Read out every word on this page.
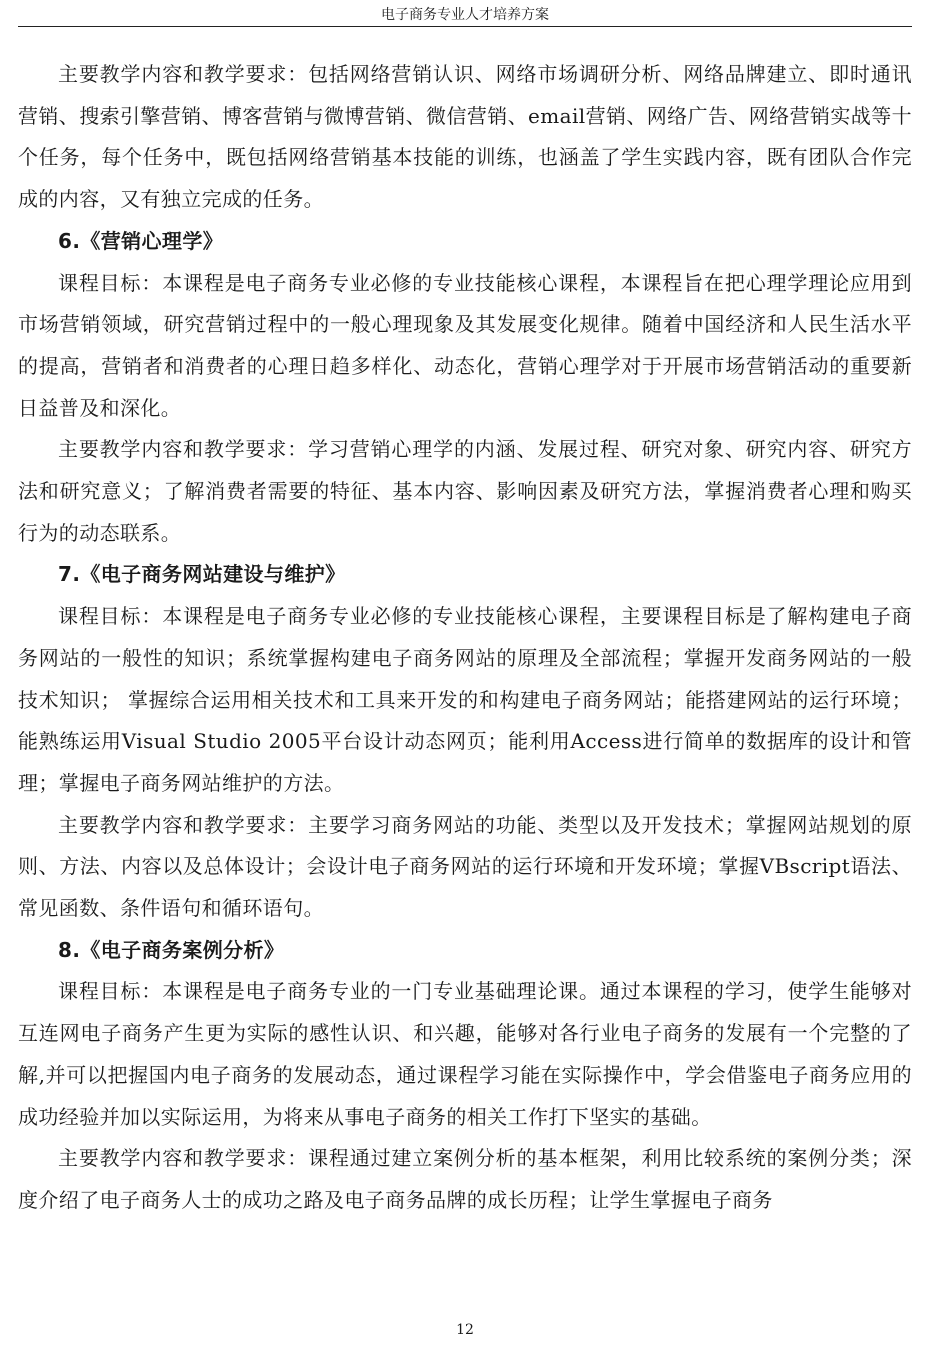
电子商务专业人才培养方案

主要教学内容和教学要求：包括网络营销认识、网络市场调研分析、网络品牌建立、即时通讯营销、搜索引擎营销、博客营销与微博营销、微信营销、email营销、网络广告、网络营销实战等十个任务，每个任务中，既包括网络营销基本技能的训练，也涵盖了学生实践内容，既有团队合作完成的内容，又有独立完成的任务。

6.《营销心理学》

课程目标：本课程是电子商务专业必修的专业技能核心课程，本课程旨在把心理学理论应用到市场营销领域，研究营销过程中的一般心理现象及其发展变化规律。随着中国经济和人民生活水平的提高，营销者和消费者的心理日趋多样化、动态化，营销心理学对于开展市场营销活动的重要新日益普及和深化。

主要教学内容和教学要求：学习营销心理学的内涵、发展过程、研究对象、研究内容、研究方法和研究意义；了解消费者需要的特征、基本内容、影响因素及研究方法，掌握消费者心理和购买行为的动态联系。

7.《电子商务网站建设与维护》

课程目标：本课程是电子商务专业必修的专业技能核心课程，主要课程目标是了解构建电子商务网站的一般性的知识；系统掌握构建电子商务网站的原理及全部流程；掌握开发商务网站的一般技术知识； 掌握综合运用相关技术和工具来开发的和构建电子商务网站；能搭建网站的运行环境；能熟练运用Visual Studio 2005平台设计动态网页；能利用Access进行简单的数据库的设计和管理；掌握电子商务网站维护的方法。

主要教学内容和教学要求：主要学习商务网站的功能、类型以及开发技术；掌握网站规划的原则、方法、内容以及总体设计；会设计电子商务网站的运行环境和开发环境；掌握VBscript语法、常见函数、条件语句和循环语句。

8.《电子商务案例分析》

课程目标：本课程是电子商务专业的一门专业基础理论课。通过本课程的学习，使学生能够对互连网电子商务产生更为实际的感性认识、和兴趣，能够对各行业电子商务的发展有一个完整的了解,并可以把握国内电子商务的发展动态，通过课程学习能在实际操作中，学会借鉴电子商务应用的成功经验并加以实际运用，为将来从事电子商务的相关工作打下坚实的基础。

主要教学内容和教学要求：课程通过建立案例分析的基本框架，利用比较系统的案例分类；深度介绍了电子商务人士的成功之路及电子商务品牌的成长历程；让学生掌握电子商务

12
